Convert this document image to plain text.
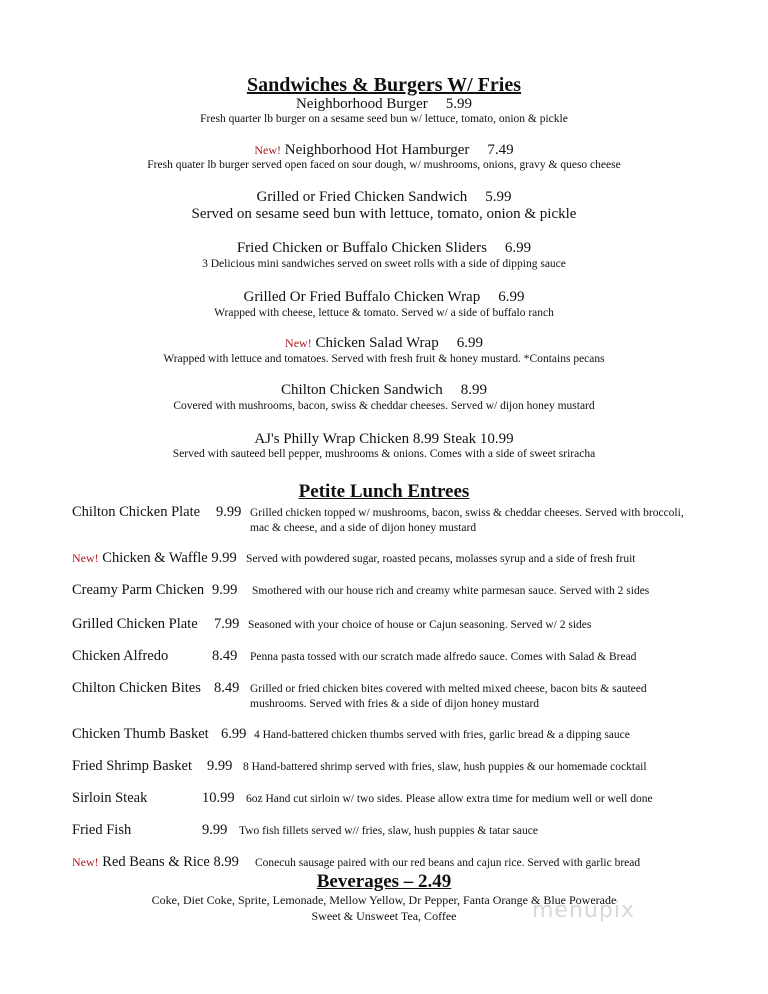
Sandwiches & Burgers W/ Fries
Neighborhood Burger 5.99
Fresh quarter lb burger on a sesame seed bun w/ lettuce, tomato, onion & pickle
New! Neighborhood Hot Hamburger 7.49
Fresh quater lb burger served open faced on sour dough, w/ mushrooms, onions, gravy & queso cheese
Grilled or Fried Chicken Sandwich 5.99
Served on sesame seed bun with lettuce, tomato, onion & pickle
Fried Chicken or Buffalo Chicken Sliders 6.99
3 Delicious mini sandwiches served on sweet rolls with a side of dipping sauce
Grilled Or Fried Buffalo Chicken Wrap 6.99
Wrapped with cheese, lettuce & tomato. Served w/ a side of buffalo ranch
New! Chicken Salad Wrap 6.99
Wrapped with lettuce and tomatoes. Served with fresh fruit & honey mustard. *Contains pecans
Chilton Chicken Sandwich 8.99
Covered with mushrooms, bacon, swiss & cheddar cheeses. Served w/ dijon honey mustard
AJ's Philly Wrap Chicken 8.99 Steak 10.99
Served with sauteed bell pepper, mushrooms & onions. Comes with a side of sweet sriracha
Petite Lunch Entrees
Chilton Chicken Plate 9.99 Grilled chicken topped w/ mushrooms, bacon, swiss & cheddar cheeses. Served with broccoli, mac & cheese, and a side of dijon honey mustard
New! Chicken & Waffle 9.99 Served with powdered sugar, roasted pecans, molasses syrup and a side of fresh fruit
Creamy Parm Chicken 9.99 Smothered with our house rich and creamy white parmesan sauce. Served with 2 sides
Grilled Chicken Plate 7.99 Seasoned with your choice of house or Cajun seasoning. Served w/ 2 sides
Chicken Alfredo	8.49 Penna pasta tossed with our scratch made alfredo sauce. Comes with Salad & Bread
Chilton Chicken Bites 8.49 Grilled or fried chicken bites covered with melted mixed cheese, bacon bits & sauteed mushrooms. Served with fries & a side of dijon honey mustard
Chicken Thumb Basket 6.99 4 Hand-battered chicken thumbs served with fries, garlic bread & a dipping sauce
Fried Shrimp Basket 9.99 8 Hand-battered shrimp served with fries, slaw, hush puppies & our homemade cocktail
Sirloin Steak	10.99 6oz Hand cut sirloin w/ two sides. Please allow extra time for medium well or well done
Fried Fish	9.99 Two fish fillets served w// fries, slaw, hush puppies & tatar sauce
New! Red Beans & Rice 8.99 Conecuh sausage paired with our red beans and cajun rice. Served with garlic bread
Beverages – 2.49
Coke, Diet Coke, Sprite, Lemonade, Mellow Yellow, Dr Pepper, Fanta Orange & Blue Powerade
Sweet & Unsweet Tea, Coffee	menupix
